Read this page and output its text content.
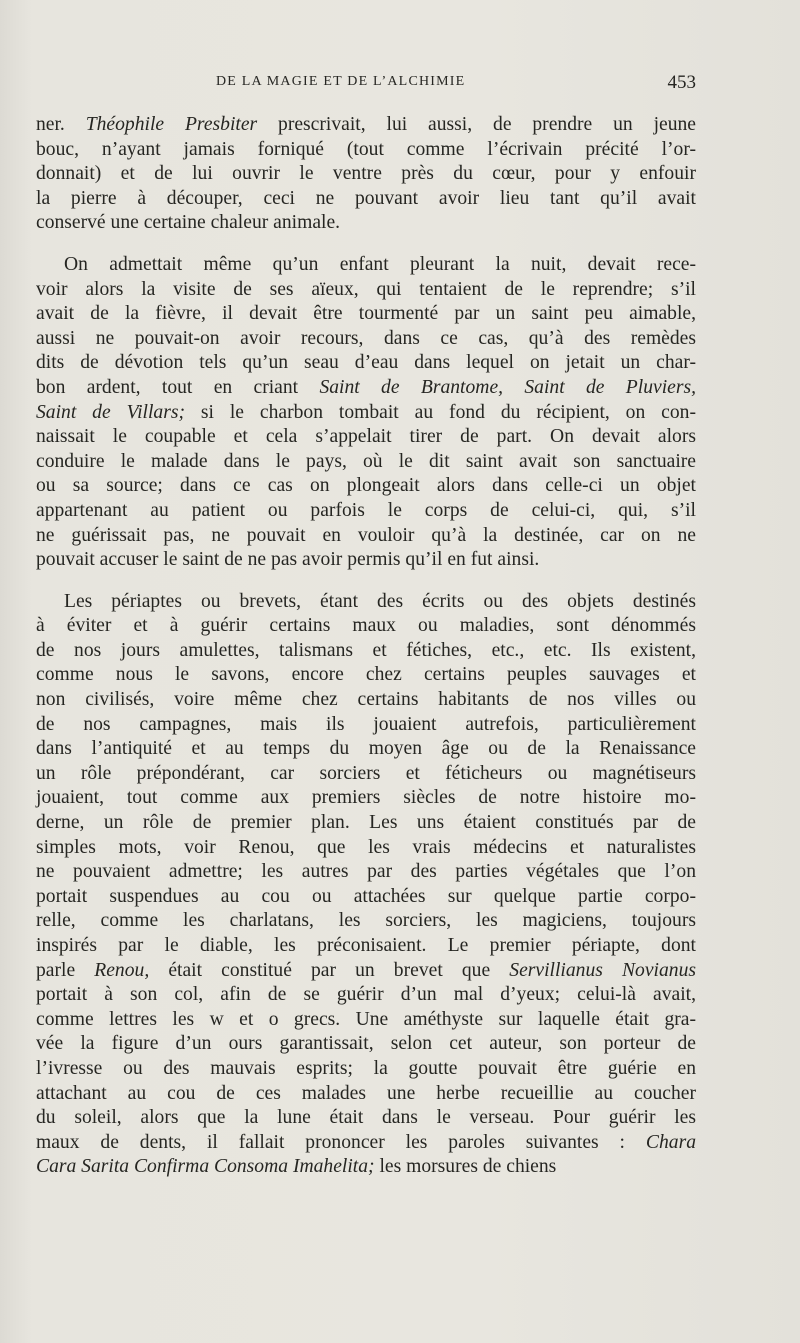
DE LA MAGIE ET DE L’ALCHIMIE	453
ner. Théophile Presbiter prescrivait, lui aussi, de prendre un jeune
bouc, n’ayant jamais forniqué (tout comme l’écrivain précité l’or-
donnait) et de lui ouvrir le ventre près du cœur, pour y enfouir
la pierre à découper, ceci ne pouvant avoir lieu tant qu’il avait
conservé une certaine chaleur animale.
On admettait même qu’un enfant pleurant la nuit, devait rece-
voir alors la visite de ses aïeux, qui tentaient de le reprendre; s’il
avait de la fièvre, il devait être tourmenté par un saint peu aimable,
aussi ne pouvait-on avoir recours, dans ce cas, qu’à des remèdes
dits de dévotion tels qu’un seau d’eau dans lequel on jetait un char-
bon ardent, tout en criant Saint de Brantome, Saint de Pluviers,
Saint de Villars; si le charbon tombait au fond du récipient, on con-
naissait le coupable et cela s’appelait tirer de part. On devait alors
conduire le malade dans le pays, où le dit saint avait son sanctuaire
ou sa source; dans ce cas on plongeait alors dans celle-ci un objet
appartenant au patient ou parfois le corps de celui-ci, qui, s’il
ne guérissait pas, ne pouvait en vouloir qu’à la destinée, car on ne
pouvait accuser le saint de ne pas avoir permis qu’il en fut ainsi.
Les périaptes ou brevets, étant des écrits ou des objets destinés
à éviter et à guérir certains maux ou maladies, sont dénommés
de nos jours amulettes, talismans et fétiches, etc., etc. Ils existent,
comme nous le savons, encore chez certains peuples sauvages et
non civilisés, voire même chez certains habitants de nos villes ou
de nos campagnes, mais ils jouaient autrefois, particulièrement
dans l’antiquité et au temps du moyen âge ou de la Renaissance
un rôle prépondérant, car sorciers et féticheurs ou magnétiseurs
jouaient, tout comme aux premiers siècles de notre histoire mo-
derne, un rôle de premier plan. Les uns étaient constitués par de
simples mots, voir Renou, que les vrais médecins et naturalistes
ne pouvaient admettre; les autres par des parties végétales que l’on
portait suspendues au cou ou attachées sur quelque partie corpo-
relle, comme les charlatans, les sorciers, les magiciens, toujours
inspirés par le diable, les préconisaient. Le premier périapte, dont
parle Renou, était constitué par un brevet que Servillianus Novianus
portait à son col, afin de se guérir d’un mal d’yeux; celui-là avait,
comme lettres les w et o grecs. Une améthyste sur laquelle était gra-
vée la figure d’un ours garantissait, selon cet auteur, son porteur de
l’ivresse ou des mauvais esprits; la goutte pouvait être guérie en
attachant au cou de ces malades une herbe recueillie au coucher
du soleil, alors que la lune était dans le verseau. Pour guérir les
maux de dents, il fallait prononcer les paroles suivantes : Chara
Cara Sarita Confirma Consoma Imahelita; les morsures de chiens
